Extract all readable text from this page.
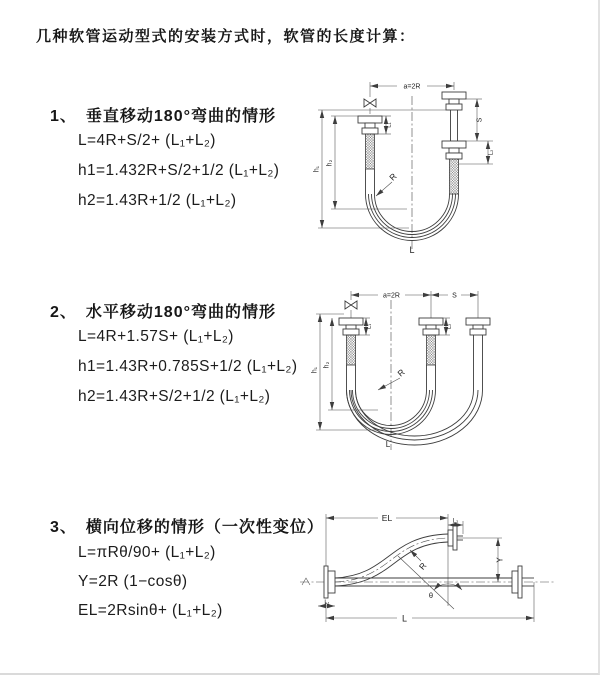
几种软管运动型式的安装方式时，软管的长度计算：
1、 垂直移动180°弯曲的情形
L=4R+S/2+ (L₁+L₂)
h1=1.432R+S/2+1/2 (L₁+L₂)
h2=1.43R+1/2 (L₁+L₂)
2、 水平移动180°弯曲的情形
L=4R+1.57S+ (L₁+L₂)
h1=1.43R+0.785S+1/2 (L₁+L₂)
h2=1.43R+S/2+1/2 (L₁+L₂)
3、 横向位移的情形（一次性变位）
L=πRθ/90+ (L₁+L₂)
Y=2R (1−cosθ)
EL=2Rsinθ+ (L₁+L₂)
a=2R
h₁
h₂
L₁
S
L₂
R
L
a=2R	S
h₁
h₂
L₁	L₂
R
L
EL	L₂
Y
R
θ
L₁
L
